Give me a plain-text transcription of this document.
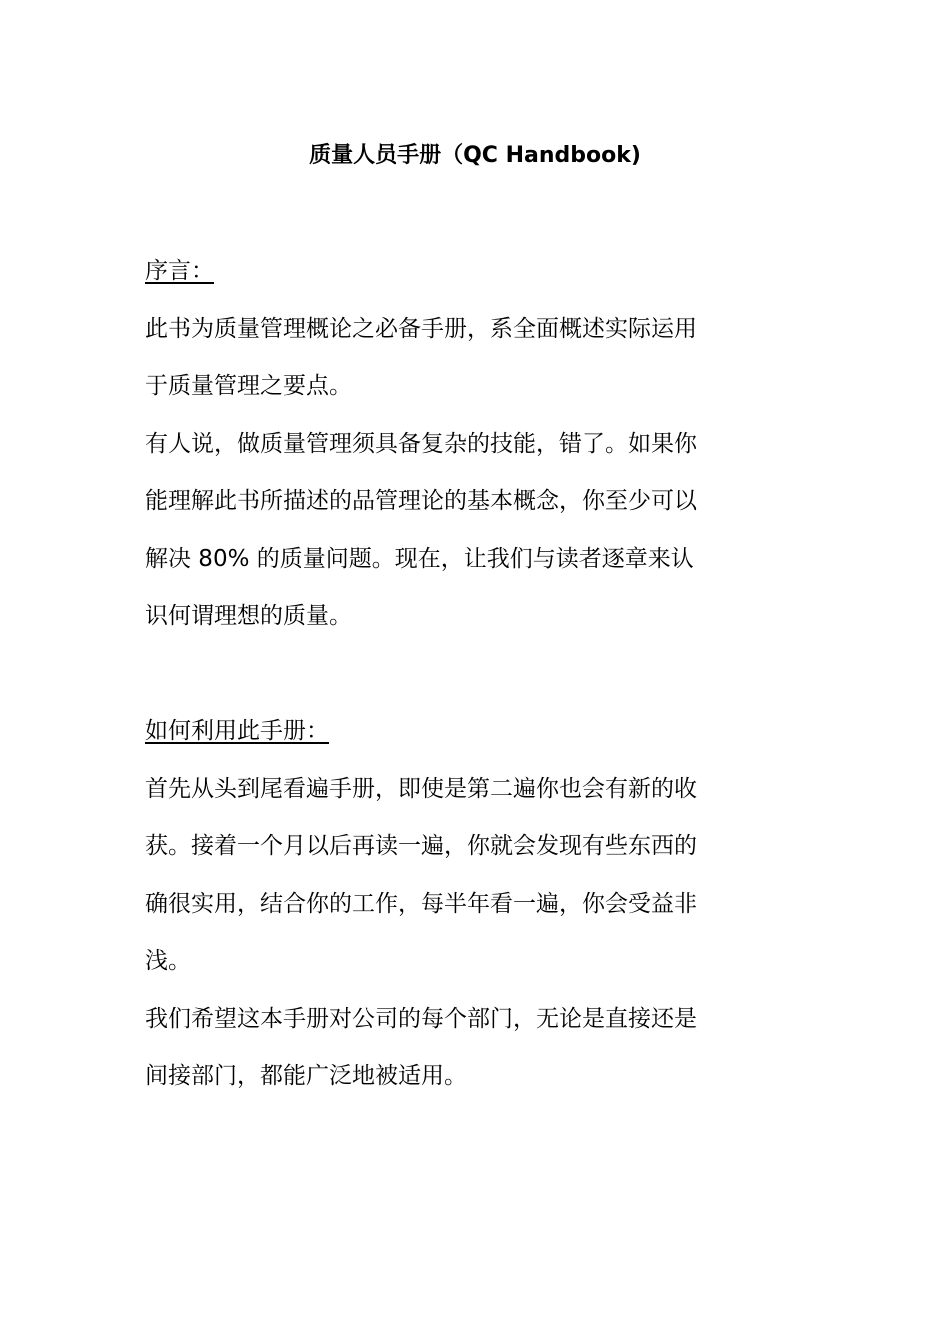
质量人员手册（QC Handbook)
序言：
此书为质量管理概论之必备手册，系全面概述实际运用
于质量管理之要点。
有人说，做质量管理须具备复杂的技能，错了。如果你
能理解此书所描述的品管理论的基本概念，你至少可以
解决 80% 的质量问题。现在，让我们与读者逐章来认
识何谓理想的质量。
如何利用此手册：
首先从头到尾看遍手册，即使是第二遍你也会有新的收
获。接着一个月以后再读一遍，你就会发现有些东西的
确很实用，结合你的工作，每半年看一遍，你会受益非
浅。
我们希望这本手册对公司的每个部门，无论是直接还是
间接部门，都能广泛地被适用。
